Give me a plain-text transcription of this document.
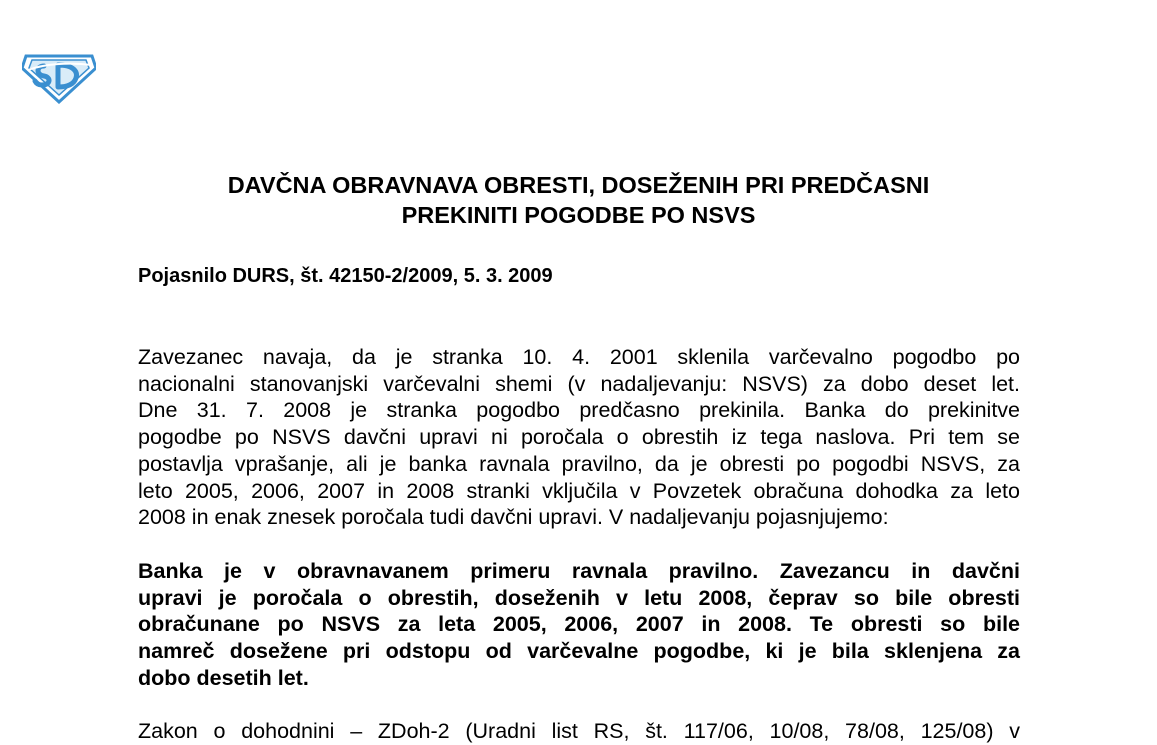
DAVČNA OBRAVNAVA OBRESTI, DOSEŽENIH PRI PREDČASNI
PREKINITI POGODBE PO NSVS
Pojasnilo DURS, št. 42150-2/2009, 5. 3. 2009

Zavezanec navaja, da je stranka 10. 4. 2001 sklenila varčevalno pogodbo po
nacionalni stanovanjski varčevalni shemi (v nadaljevanju: NSVS) za dobo deset let.
Dne 31. 7. 2008 je stranka pogodbo predčasno prekinila. Banka do prekinitve
pogodbe po NSVS davčni upravi ni poročala o obrestih iz tega naslova. Pri tem se
postavlja vprašanje, ali je banka ravnala pravilno, da je obresti po pogodbi NSVS, za
leto 2005, 2006, 2007 in 2008 stranki vključila v Povzetek obračuna dohodka za leto
2008 in enak znesek poročala tudi davčni upravi. V nadaljevanju pojasnjujemo:

Banka je v obravnavanem primeru ravnala pravilno. Zavezancu in davčni
upravi je poročala o obrestih, doseženih v letu 2008, čeprav so bile obresti
obračunane po NSVS za leta 2005, 2006, 2007 in 2008. Te obresti so bile
namreč dosežene pri odstopu od varčevalne pogodbe, ki je bila sklenjena za
dobo desetih let.

Zakon o dohodnini – ZDoh-2 (Uradni list RS, št. 117/06, 10/08, 78/08, 125/08) v
